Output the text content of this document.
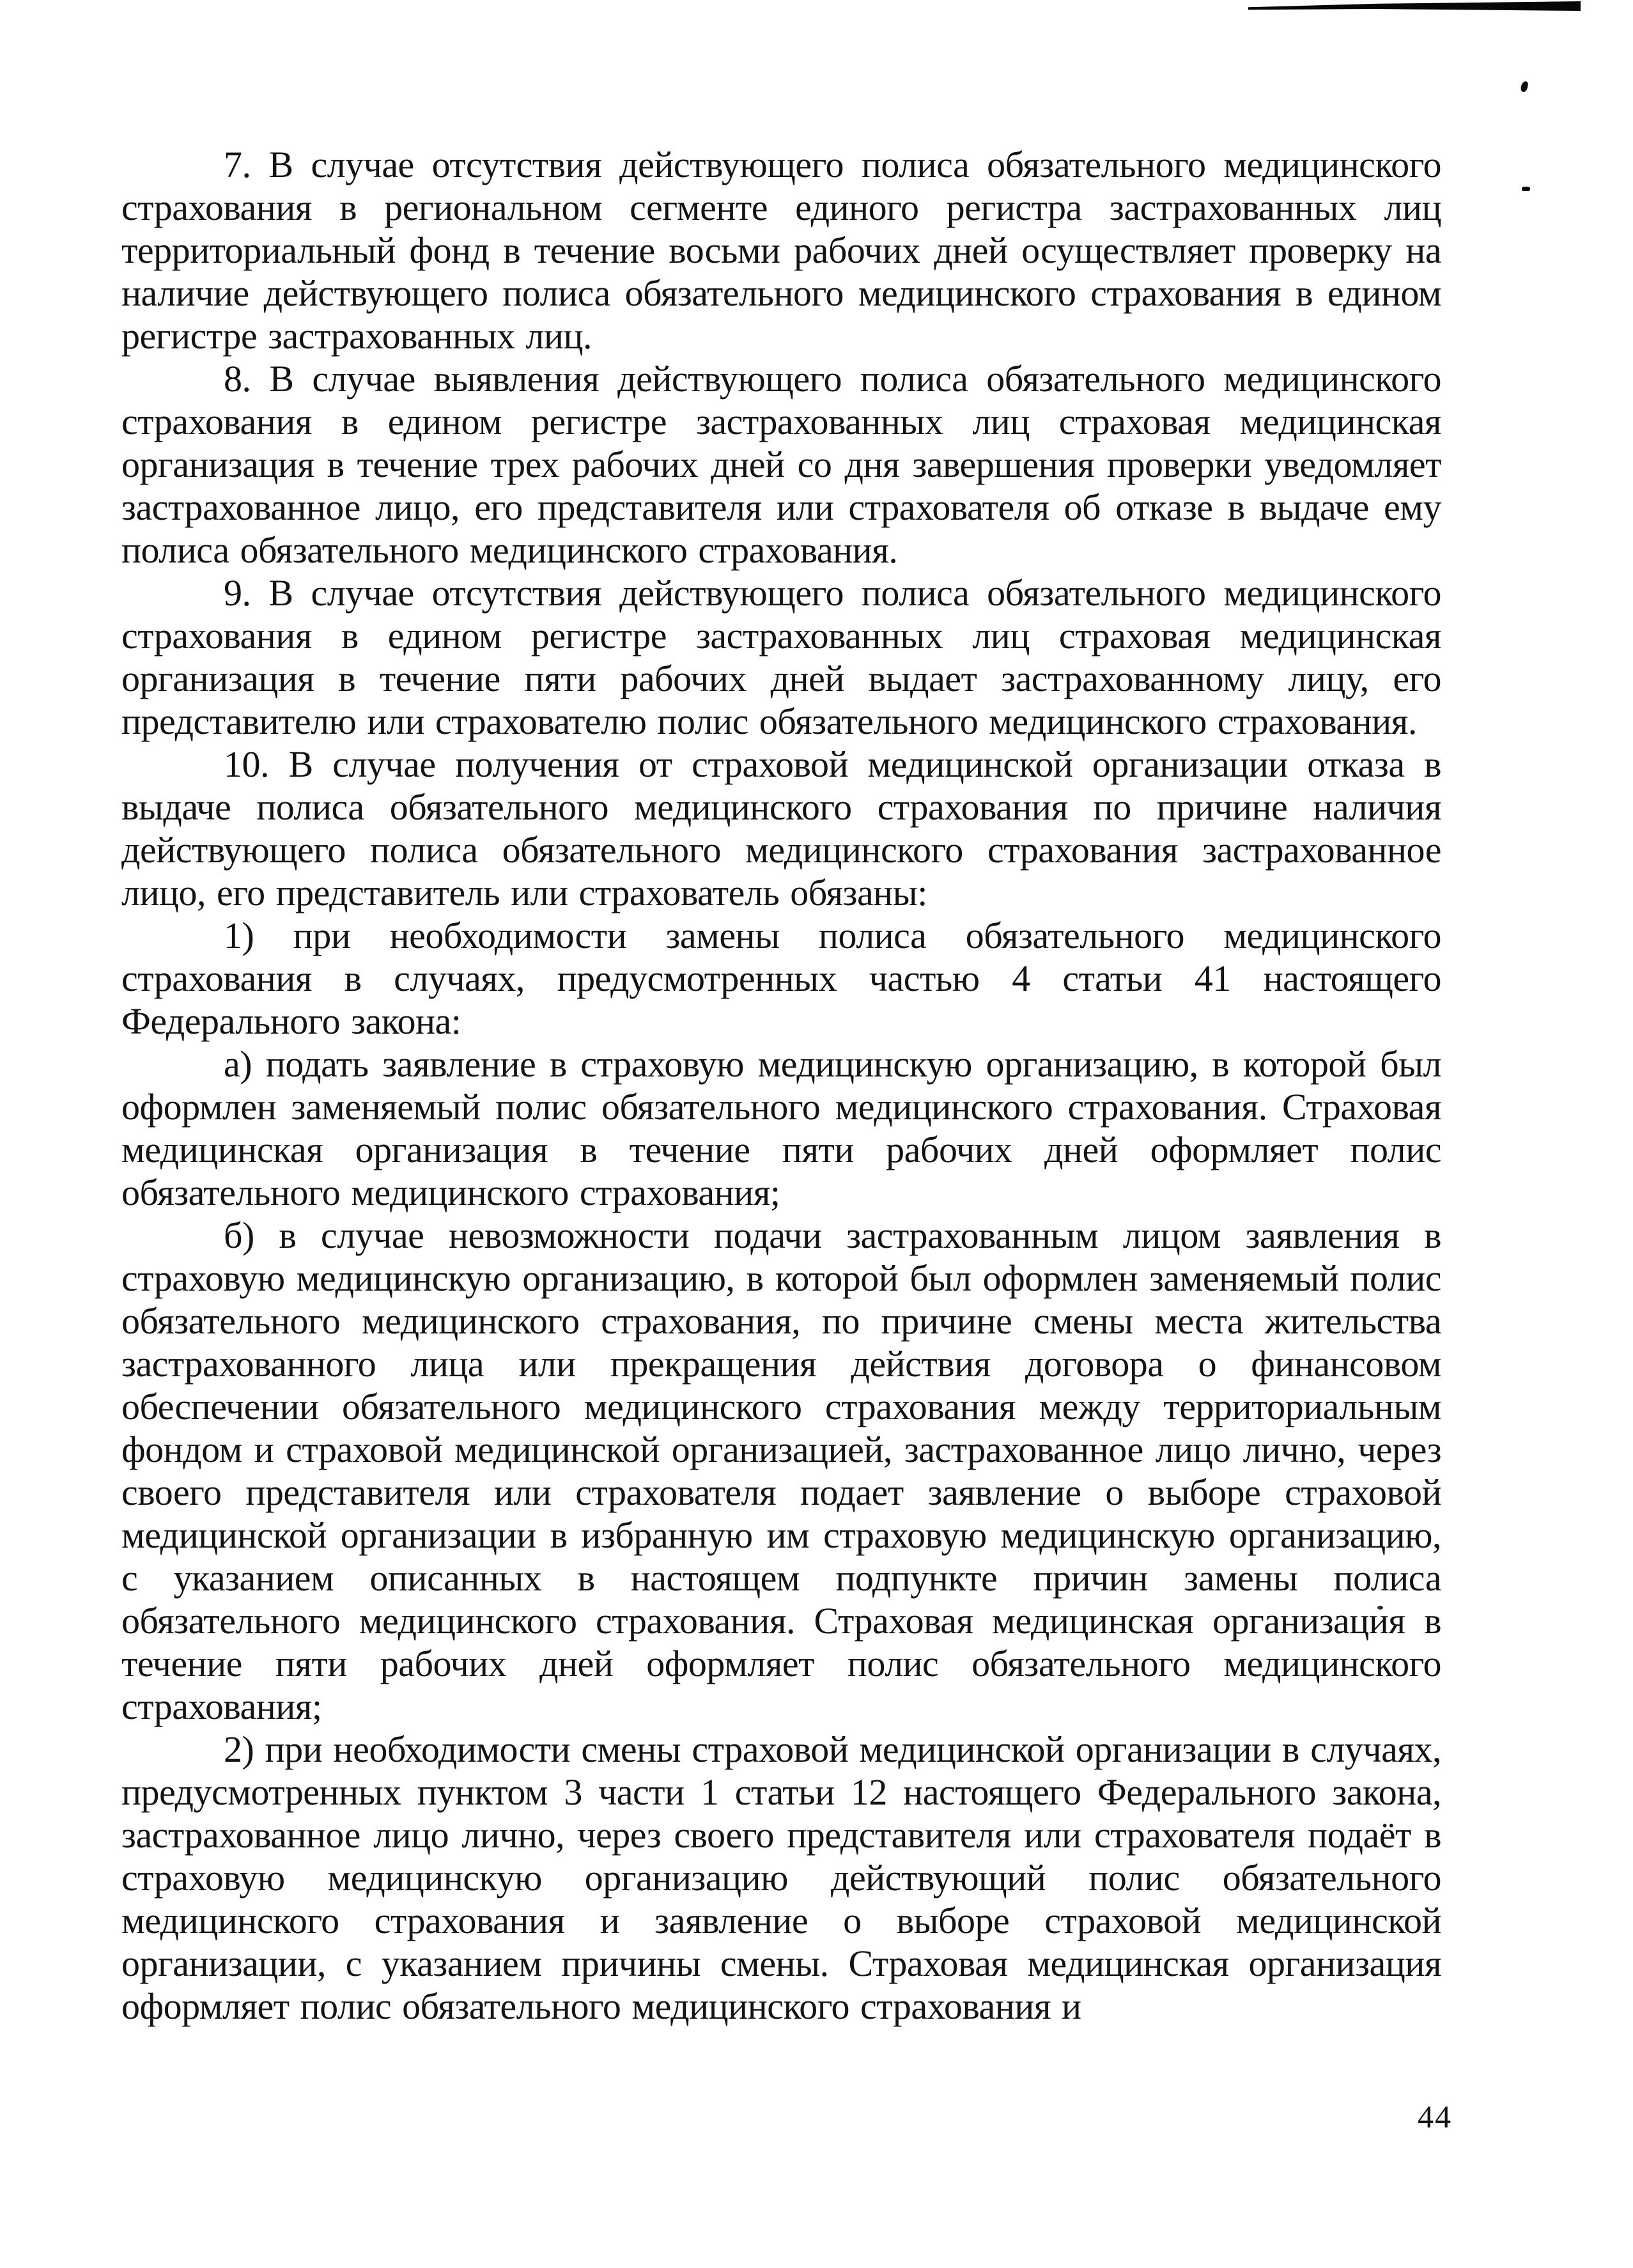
7. В случае отсутствия действующего полиса обязательного медицинского страхования в региональном сегменте единого регистра застрахованных лиц территориальный фонд в течение восьми рабочих дней осуществляет проверку на наличие действующего полиса обязательного медицинского страхования в едином регистре застрахованных лиц.

8. В случае выявления действующего полиса обязательного медицинского страхования в едином регистре застрахованных лиц страховая медицинская организация в течение трех рабочих дней со дня завершения проверки уведомляет застрахованное лицо, его представителя или страхователя об отказе в выдаче ему полиса обязательного медицинского страхования.

9. В случае отсутствия действующего полиса обязательного медицинского страхования в едином регистре застрахованных лиц страховая медицинская организация в течение пяти рабочих дней выдает застрахованному лицу, его представителю или страхователю полис обязательного медицинского страхования.

10. В случае получения от страховой медицинской организации отказа в выдаче полиса обязательного медицинского страхования по причине наличия действующего полиса обязательного медицинского страхования застрахованное лицо, его представитель или страхователь обязаны:

1) при необходимости замены полиса обязательного медицинского страхования в случаях, предусмотренных частью 4 статьи 41 настоящего Федерального закона:

а) подать заявление в страховую медицинскую организацию, в которой был оформлен заменяемый полис обязательного медицинского страхования. Страховая медицинская организация в течение пяти рабочих дней оформляет полис обязательного медицинского страхования;

б) в случае невозможности подачи застрахованным лицом заявления в страховую медицинскую организацию, в которой был оформлен заменяемый полис обязательного медицинского страхования, по причине смены места жительства застрахованного лица или прекращения действия договора о финансовом обеспечении обязательного медицинского страхования между территориальным фондом и страховой медицинской организацией, застрахованное лицо лично, через своего представителя или страхователя подает заявление о выборе страховой медицинской организации в избранную им страховую медицинскую организацию, с указанием описанных в настоящем подпункте причин замены полиса обязательного медицинского страхования. Страховая медицинская организация в течение пяти рабочих дней оформляет полис обязательного медицинского страхования;

2) при необходимости смены страховой медицинской организации в случаях, предусмотренных пунктом 3 части 1 статьи 12 настоящего Федерального закона, застрахованное лицо лично, через своего представителя или страхователя подаёт в страховую медицинскую организацию действующий полис обязательного медицинского страхования и заявление о выборе страховой медицинской организации, с указанием причины смены. Страховая медицинская организация оформляет полис обязательного медицинского страхования и

44
